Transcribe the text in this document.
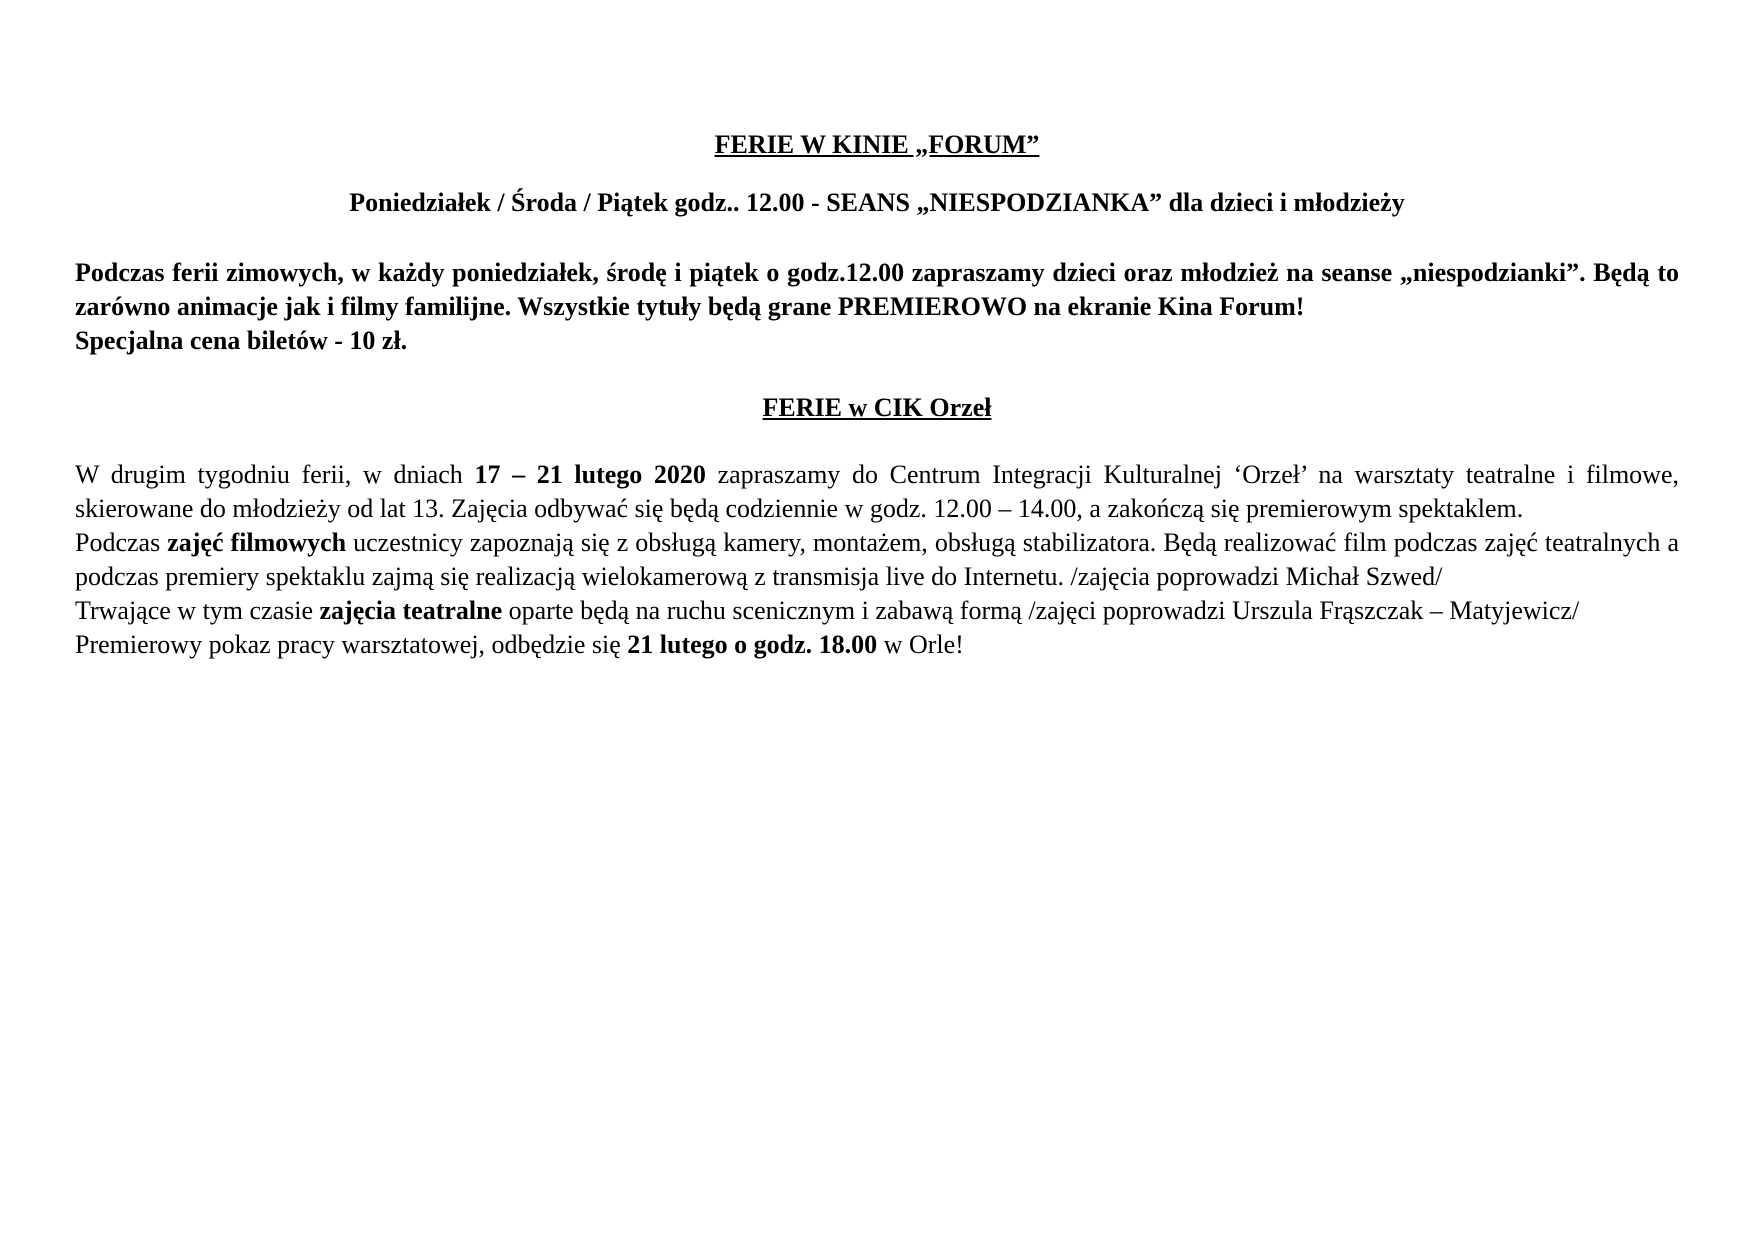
FERIE W KINIE „FORUM”

Poniedziałek / Środa / Piątek godz.. 12.00 - SEANS „NIESPODZIANKA” dla dzieci i młodzieży

Podczas ferii zimowych, w każdy poniedziałek, środę i piątek o godz.12.00 zapraszamy dzieci oraz młodzież na seanse „niespodzianki”. Będą to zarówno animacje jak i filmy familijne. Wszystkie tytuły będą grane PREMIEROWO na ekranie Kina Forum!

Specjalna cena biletów - 10 zł.

FERIE w CIK Orzeł

W drugim tygodniu ferii, w dniach 17 – 21 lutego 2020 zapraszamy do Centrum Integracji Kulturalnej ‘Orzeł’ na warsztaty teatralne i filmowe, skierowane do młodzieży od lat 13. Zajęcia odbywać się będą codziennie w godz. 12.00 – 14.00, a zakończą się premierowym spektaklem.

Podczas zajęć filmowych uczestnicy zapoznają się z obsługą kamery, montażem, obsługą stabilizatora. Będą realizować film podczas zajęć teatralnych a podczas premiery spektaklu zajmą się realizacją wielokamerową z transmisja live do Internetu. /zajęcia poprowadzi Michał Szwed/

Trwające w tym czasie zajęcia teatralne oparte będą na ruchu scenicznym i zabawą formą /zajęci poprowadzi Urszula Frąszczak – Matyjewicz/

Premierowy pokaz pracy warsztatowej, odbędzie się 21 lutego o godz. 18.00 w Orle!
